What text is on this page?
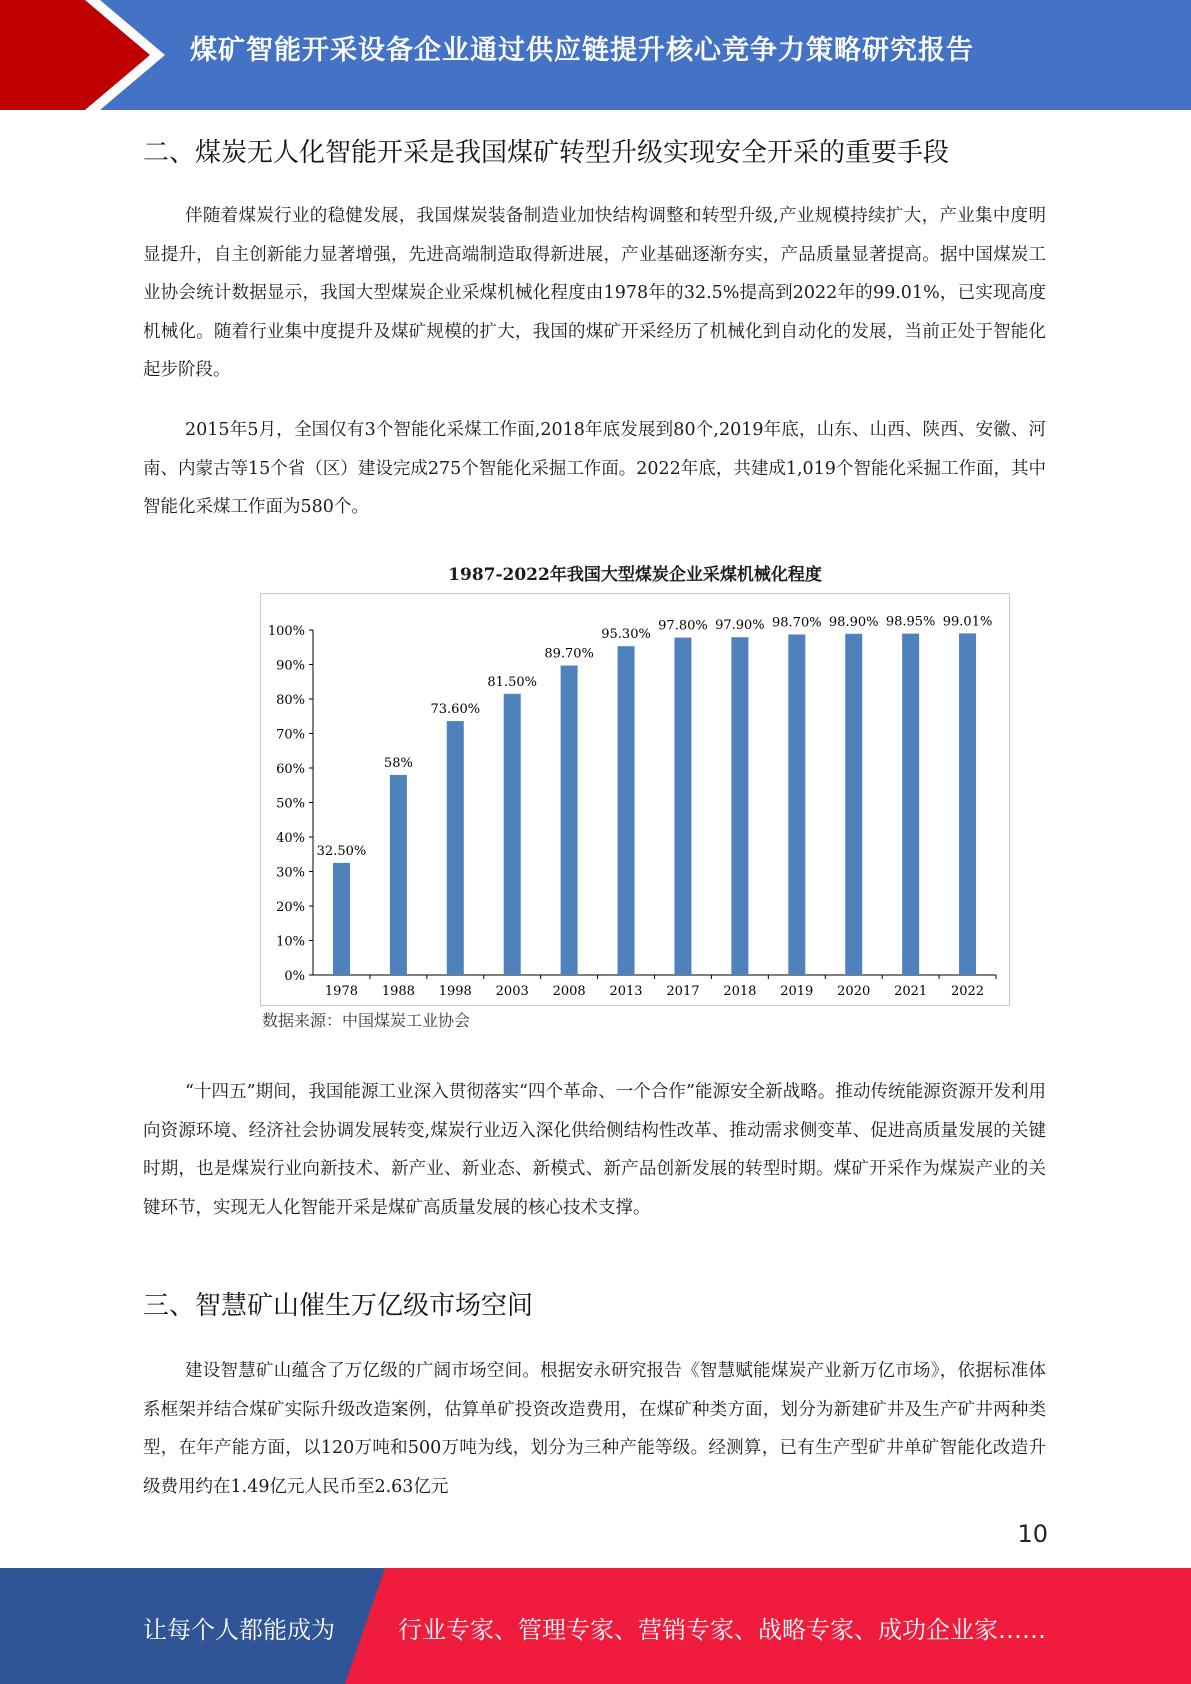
煤矿智能开采设备企业通过供应链提升核心竞争力策略研究报告
二、煤炭无人化智能开采是我国煤矿转型升级实现安全开采的重要手段

伴随着煤炭行业的稳健发展，我国煤炭装备制造业加快结构调整和转型升级,产业规模持续扩大，产业集中度明显提升，自主创新能力显著增强，先进高端制造取得新进展，产业基础逐渐夯实，产品质量显著提高。据中国煤炭工业协会统计数据显示，我国大型煤炭企业采煤机械化程度由1978年的32.5%提高到2022年的99.01%，已实现高度机械化。随着行业集中度提升及煤矿规模的扩大，我国的煤矿开采经历了机械化到自动化的发展，当前正处于智能化起步阶段。

2015年5月，全国仅有3个智能化采煤工作面,2018年底发展到80个,2019年底，山东、山西、陕西、安徽、河南、内蒙古等15个省（区）建设完成275个智能化采掘工作面。2022年底，共建成1,019个智能化采掘工作面，其中智能化采煤工作面为580个。

1987-2022年我国大型煤炭企业采煤机械化程度
0%
10%
20%
30%
40%
50%
60%
70%
80%
90%
100%
32.50%
1978
58%
1988
73.60%
1998
81.50%
2003
89.70%
2008
95.30%
2013
97.80%
2017
97.90%
2018
98.70%
2019
98.90%
2020
98.95%
2021
99.01%
2022
数据来源：中国煤炭工业协会

“十四五”期间，我国能源工业深入贯彻落实“四个革命、一个合作”能源安全新战略。推动传统能源资源开发利用向资源环境、经济社会协调发展转变,煤炭行业迈入深化供给侧结构性改革、推动需求侧变革、促进高质量发展的关键时期，也是煤炭行业向新技术、新产业、新业态、新模式、新产品创新发展的转型时期。煤矿开采作为煤炭产业的关键环节，实现无人化智能开采是煤矿高质量发展的核心技术支撑。

三、智慧矿山催生万亿级市场空间

建设智慧矿山蕴含了万亿级的广阔市场空间。根据安永研究报告《智慧赋能煤炭产业新万亿市场》，依据标准体系框架并结合煤矿实际升级改造案例，估算单矿投资改造费用，在煤矿种类方面，划分为新建矿井及生产矿井两种类型，在年产能方面，以120万吨和500万吨为线，划分为三种产能等级。经测算，已有生产型矿井单矿智能化改造升级费用约在1.49亿元人民币至2.63亿元

10
让每个人都能成为	行业专家、管理专家、营销专家、战略专家、成功企业家……
